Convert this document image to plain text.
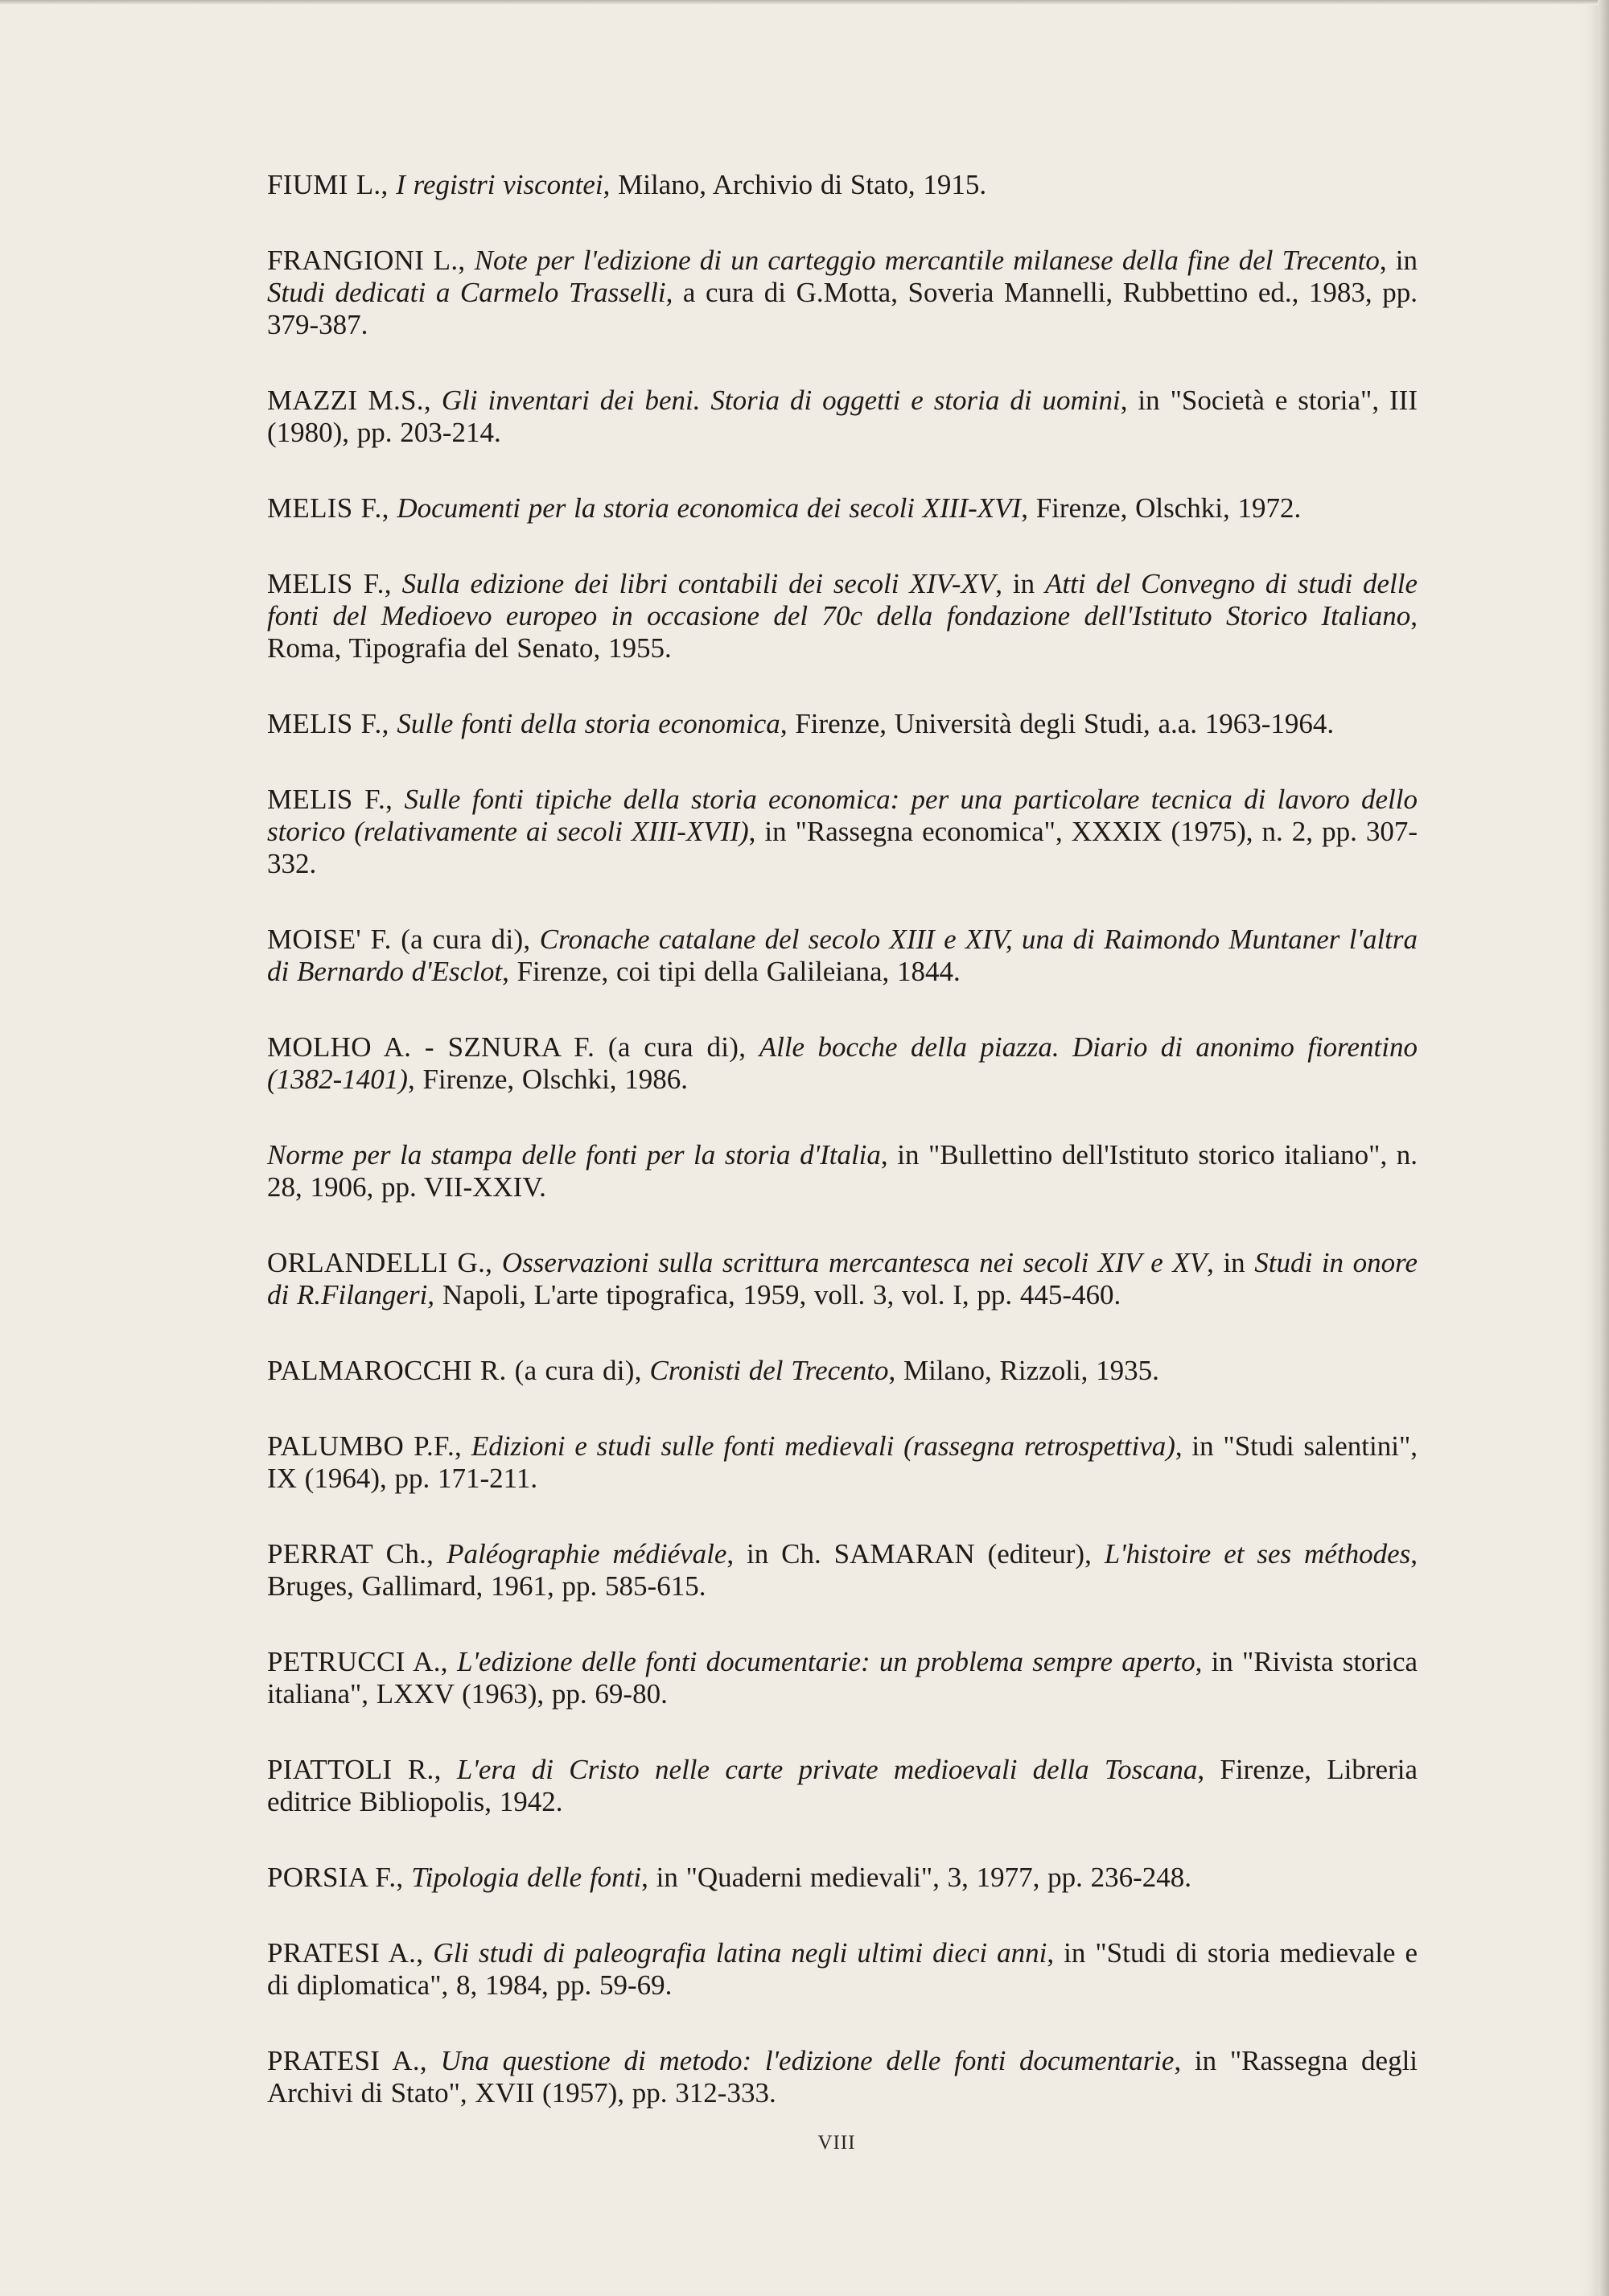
FIUMI L., I registri viscontei, Milano, Archivio di Stato, 1915.

FRANGIONI L., Note per l'edizione di un carteggio mercantile milanese della fine del Trecento, in Studi dedicati a Carmelo Trasselli, a cura di G.Motta, Soveria Mannelli, Rubbettino ed., 1983, pp. 379-387.

MAZZI M.S., Gli inventari dei beni. Storia di oggetti e storia di uomini, in "Società e storia", III (1980), pp. 203-214.

MELIS F., Documenti per la storia economica dei secoli XIII-XVI, Firenze, Olschki, 1972.

MELIS F., Sulla edizione dei libri contabili dei secoli XIV-XV, in Atti del Convegno di studi delle fonti del Medioevo europeo in occasione del 70c della fondazione dell'Istituto Storico Italiano, Roma, Tipografia del Senato, 1955.

MELIS F., Sulle fonti della storia economica, Firenze, Università degli Studi, a.a. 1963-1964.

MELIS F., Sulle fonti tipiche della storia economica: per una particolare tecnica di lavoro dello storico (relativamente ai secoli XIII-XVII), in "Rassegna economica", XXXIX (1975), n. 2, pp. 307-332.

MOISE' F. (a cura di), Cronache catalane del secolo XIII e XIV, una di Raimondo Muntaner l'altra di Bernardo d'Esclot, Firenze, coi tipi della Galileiana, 1844.

MOLHO A. - SZNURA F. (a cura di), Alle bocche della piazza. Diario di anonimo fiorentino (1382-1401), Firenze, Olschki, 1986.

Norme per la stampa delle fonti per la storia d'Italia, in "Bullettino dell'Istituto storico italiano", n. 28, 1906, pp. VII-XXIV.

ORLANDELLI G., Osservazioni sulla scrittura mercantesca nei secoli XIV e XV, in Studi in onore di R.Filangeri, Napoli, L'arte tipografica, 1959, voll. 3, vol. I, pp. 445-460.

PALMAROCCHI R. (a cura di), Cronisti del Trecento, Milano, Rizzoli, 1935.

PALUMBO P.F., Edizioni e studi sulle fonti medievali (rassegna retrospettiva), in "Studi salentini", IX (1964), pp. 171-211.

PERRAT Ch., Paléographie médiévale, in Ch. SAMARAN (editeur), L'histoire et ses méthodes, Bruges, Gallimard, 1961, pp. 585-615.

PETRUCCI A., L'edizione delle fonti documentarie: un problema sempre aperto, in "Rivista storica italiana", LXXV (1963), pp. 69-80.

PIATTOLI R., L'era di Cristo nelle carte private medioevali della Toscana, Firenze, Libreria editrice Bibliopolis, 1942.

PORSIA F., Tipologia delle fonti, in "Quaderni medievali", 3, 1977, pp. 236-248.

PRATESI A., Gli studi di paleografia latina negli ultimi dieci anni, in "Studi di storia medievale e di diplomatica", 8, 1984, pp. 59-69.

PRATESI A., Una questione di metodo: l'edizione delle fonti documentarie, in "Rassegna degli Archivi di Stato", XVII (1957), pp. 312-333.

VIII
